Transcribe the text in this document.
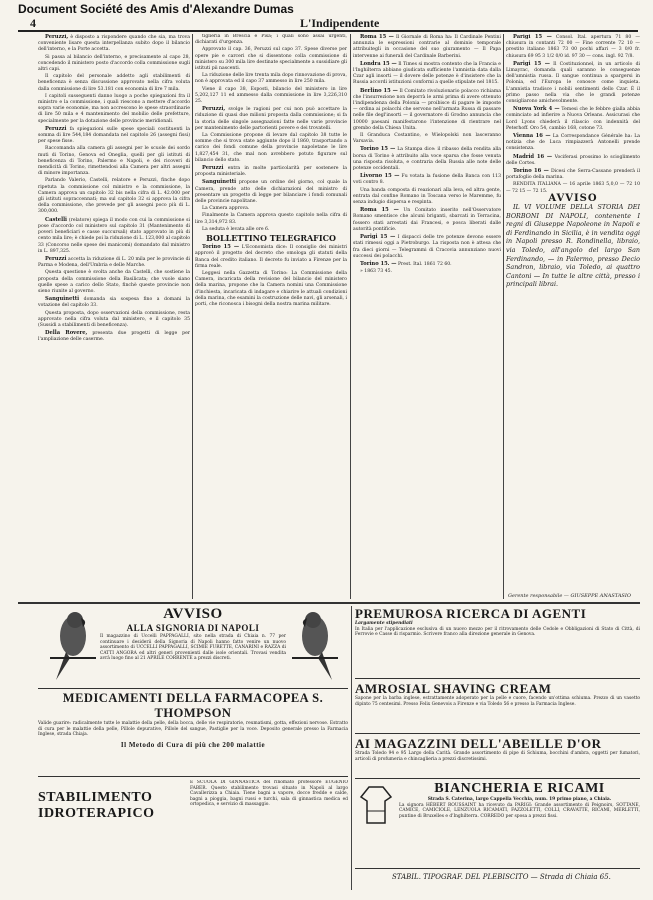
Document Société des Amis d'Alexandre Dumas
4	L'Indipendente

Peruzzi, è disposto a rispondere quando che sia, ma trova conveniente lisare questa interpellanza subito dopo il bilancio dell'interno, e la Porte accetta.

Si passa al bilancio dell'interno, e precisamente al capo 28, concedendo il ministero posto d'accordo colla commissione sugli altri capi.

Il capitolo del personale addetto agli stabilimenti di beneficenza è senza discussione approvato nella cifra voluta dalla commissione di lire 53.181 con economia di lire 7 mila.

I capitoli susseguenti danno luogo a poche spiegazioni fra il ministro e la commissione, i quali riescono a mettere d'accordo sopra varie economie, ma non accrescono le spese straordinarie di lire 50 mila e 4 mantenimento del mobilio delle prefetture, specialmente per la dotazione delle provincie meridionali.

Peruzzi fa spiegazioni sulle spese speciali costituenti la somma di lire 544,184 domandata nel capitolo 26 (assegni fissi) per spese fisse.

Raccomanda alla camera gli assegni per le scuole dei sordo muti di Torino, Genova ed Oneglia, quelli per gli istituti di beneficenza di Torino, Palermo e Napoli, e dei ricoveri di mendicità di Torino, rimettendosi alla Camera per altri assegni di minore importanza.

Parlando Valerio, Castelli, relatore e Peruzzi, finche dopo ripetuta la commissione col ministro e la commissione, la Camera approva un capitolo 32 bis nella cifra di L. 42.000 per gli istituti sopraccennati; ma sul capitolo 32 si approva la cifra della commissione, che prevede per gli assegni poco più di L. 300,000.

Castelli (relatore) spiega il modo con cui la commissione si pose d'accordo col ministero sul capitolo 31 (Mantenimento di poveri beneficiari e casse succursali) stato approvato in più di cento mila lire; è chiede poi la riduzione di L. 123,000 al capitolo 33 (Concorso nelle spese dei manicomi) domandato dal ministro in L. 897,325.

Peruzzi accetta la riduzione di L. 20 mila per le provincie di Parma e Modena, dell'Umbria e delle Marche.

Questa questione è svolta anche da Castelli, che sostiene la proposta della commissione della Basilicata; che vuole siano quelle spese a carico dello Stato, finchè queste provincie non sieno riunite al governo.

Sanguinetti domanda sia sospesa fino a domani la votazione del capitolo 33.

Questa proposta, dopo osservazioni della commissione, resta approvato nella cifra voluta dal ministero, e il capitolo 35 (Sussidi a stabilimenti di beneficenza).

Della Rovere, presenta due progetti di legge per l'ampliazione delle caserme.

tiglieria in Brescia e Pisa; i quali sono assai urgenti, dichiarati d'urgenza.

Approvato il cap. 36, Peruzzi sul capo 37. Spese diverse per opere pie e carceri che si dissentono colla commissione di ministero su 300 mila lire destinate specialmente a sussidiare gli istituti pii nascenti.

La riduzione delle lire trenta mila dopo rinnovazione di prova, non è approvata ed il capo 37 ammesso in lire 250 mila.

Viene il capo 38, Esposti, bilancio del ministero in lire 5,202,127 11 ed ammesso dalla commissione in lire 3,226,310 25.

Peruzzi, svolge le ragioni per cui non può accettare la riduzione di quasi due milioni proposta dalla commissione; si fa la storia delle singole assegnazioni fatte nelle varie provincie per mantenimento delle partorienti povere e dei trovatelli.

La Commissione propone di levare dal capitolo 38 tutte le somme che si trova state aggiunte dopo il 1860, trasportando a carico dei fondi comune della provincie napoletane le lire 1,827,454 31, che mal non avrebbero potuto figurare sul bilancio dello stato.

Peruzzi entra in molte particolarità per sostenere la proposta ministeriale.

Sanguinetti propone un ordine del giorno, col quale la Camera, prende atto delle dichiarazioni del ministro di presentare un progetto di legge per bilanciare i fondi comunali delle provincie napolitane.

La Camera approva.

Finalmente la Camera approva questo capitolo nella cifra di lire 3,314,972 83.

La seduta è levata alle ore 6.

BOLLETTINO TELEGRAFICO

Torino 15 — L'Economista dice: Il consiglio dei ministri approvò il progetto del decreto che omologa gli statuti della Banca del credito italiano. Il decreto fu inviato a Firenze per la firma reale.

Leggesi nella Gazzetta di Torino: La Commissione della Camera, incaricata della revisione del bilancio del ministero della marina, propone che la Camera nomini una Commissione d'inchiesta, incaricata di indagare e chiarire le attuali condizioni della marina, che esamini la costruzione delle navi, gli arsenali, i porti, che riconosca i bisogni della nostra marina militare.

Roma 15 — Il Giornale di Roma ha: Il Cardinale Pentini annunzia le espressioni contrarie al dominio temporale attribuitegli in occasione del suo giuramento — Il Papa intervenne ai funerali del Cardinale Barberini.

Londra 15 — Il Times si mostra contento che la Francia e l'Inghilterra abbiano giudicata sufficiente l'amnistia data dalla Czar agli insorti — il dovere delle potenze è d'insistere che la Russia accordi istituzioni conformi a quelle stipulate nel 1815.

Berlino 15 — Il Comitato rivoluzionario polacco richiama che l'insurrezione non deporrà le armi prima di avere ottenuto l'indipendenza della Polonia — proibisce di pagare le imposte — ordina ai polacchi che servono nell'armata Russa di passare nelle file degl'insorti — il governatore di Grodno annuncia che 10000 paesani manifestarono l'intenzione di rientrare nel grembo della Chiesa Unita.

Il Granduca Costantino, e Wielopolski non lasceranno Varsavia.

Torino 15 — La Stampa dice: il ribasso della rendita alla borsa di Torino è attribuito alla voce sparsa che fosse venuta una risposta risoluta, e contraria della Russia alle note delle potenze occidentali.

Livorno 15 — Fu votata la fusione della Banca con 113 voti contro 8.

Una banda composta di reazionari alla leva, ed altra gente, entrata dal confine Romano in Toscana verso le Maremme, fu senza indugio dispersa e respinta.

Roma 15 — Un Comitato inserito nell'Osservatore Romano smentisce che alcuni briganti, sbarcati in Terracina, fossero stati arrestati dai Francesi, e posca liberati dalle autorità pontificie.

Parigi 15 — I dispacci delle tre potenze devono essere stati rimessi oggi a Pietroburgo. La risposta non è attesa che fra dieci giorni — Telegrammi di Cracovia annunziano nuovi successi dei polacchi.

Torino 15. — Prest. Ital. 1861 72 60.

» 1863 73 45.

Parigi 15 — Consol. Ital. apertura 71 80 — chiusura in contanti 72 00 — Fine corrente 72 10 — prestito italiano 1863 73 00 pochi affari — 3 0/0 fr. chiusura 69 95 3 1/2 0/0 id. 97 30 — cons. ingl. 92 7/8.

Parigi 15 — Il Costituzionnel, in un articolo di Limayrac, domanda quali saranno le conseguenze dell'amnistia russa. Il sangue continua a spargersi in Polonia, ed l'Europa le conosce come inquieta. L'amnistia tradisce i nobili sentimenti dello Czar. È il primo passo nella via che le grandi potenze consigliarono amichevolmente.

Nuova York 4 — Temesi che le febbre gialla abbia cominciato ad infierire a Nuova Orleans. Assicurasi che Lord Lyons chiederà il rilascio con indennità del Peterhoff. Oro 54, cambio 168, cotone 73.

Vienna 16 — La Correspondance Générale ha: La notizia che de Luca rimpiazzerà Antonelli prende consistenza.

Madrid 16 — Vociferasi prossimo lo scioglimento delle Cortes.

Torino 16 — Dicesi che Serra-Cassano prenderà il portafoglio della marina.

RENDITA ITALIANA — 16 aprile 1863 5,0,0 — 72 10 — 72 15 — 72 15.

AVVISO

IL VI VOLUME DELLA STORIA DEI BORBONI DI NAPOLI, contenente I regni di Giuseppe Napoleone in Napoli e di Ferdinando in Sicilia, è in vendita oggi in Napoli presso R. Rondinella, libraio, via Toledo, all'angolo del largo San Ferdinando, — in Palermo, presso Decio Sandron, libraio, via Toledo, ai quattro Cantoni — In tutte le altre città, presso i principali librai.

Gerente responsabile — GIUSEPPE ANASTASIO
AVVISO
ALLA SIGNORIA DI NAPOLI
Il magazzino di Uccelli PAPPAGALLI, sito nella strada di Chiaia n. 77 per continuare i desiderii della Signoria di Napoli hanno fatto venire un nuovo assortimento di UCCELLI PAPPAGALLI, SCIMIE FURETTE, CANARINI e RAZZA di CATTI ANGORA ed altri generi provenienti dalle isole orientali. Trovasi vendita avrà luogo fino al 21 APRILE CORRENTE a prezzi discreti.
MEDICAMENTI DELLA FARMACOPEA S. THOMPSON
Valide guarire: radicalmente tutte le malattie della pelle, della bocca, delle vie respiratorie, reumatismi, gotta, effezioni nervose. Estratto di cura per le malattie della pelle, Pillole depurative, Pillole del sangue, Pastiglie per la voce. Deposito generale presso la Farmacia Inglese, strada Chiaja.
Il Metodo di Cura di più che 200 malattie
STABILIMENTO IDROTERAPICO
È SCUOLA DI GINNASTICA del rinomato professore EUGENIO FABER. Questo stabilimento trovasi situato in Napoli al largo Cavallerizza a Chiaia. Tiene bagni a vapore, docce fredde e calde, bagni a pioggia, bagni russi e turchi, sala di ginnastica medica ed ortopedica, e servizio di massaggio.
PREMUROSA RICERCA DI AGENTI
Largamente stipendiati
In Italia per l'applicazione esclusiva di un nuovo mezzo per il ritrovamento delle Cedole e Obbligazioni di Stato di Città, di Ferrovie e Casse di risparmio. Scrivere franco alla direzione generale in Genova.
AMROSIAL SHAVING CREAM
Sapone per la barba inglese, estrattamente adoperato per la pelle e cuore, facendo un'ottima schiuma. Prezzo di un vasetto dipinto 75 centesimi. Presso Felix Genevois a Firenze e via Toledo 56 e presso la Farmacia Inglese.
AI MAGAZZINI DELL'ABEILLE D'OR
Strada Toledo 94 e 95 Largo della Carità. Grande assortimento di pipe di Schiuma, bocchini d'ambra, oggetti per fumatori, articoli di profumeria e chincaglieria a prezzi discretissimi.
BIANCHERIA E RICAMI
Strada S. Caterina, largo Cappella Vecchia, num. 19 primo piano, a Chiaia.
La signora HÉBERT ROUSSAINT ha ricevuto da PARIGI: Grande assortimento di Peignoirs, SOTTANE, CAMICE, CAMICIOLE, LENZUOLA RICAMATI, FAZZOLETTI, COLLI, CRAVATTE, RICAMI, MERLETTI, puntine di Bruxelles e d'Inghilterra. CORREDO per sposa a prezzi fissi.
STABIL. TIPOGRAF. DEL PLEBISCITO — Strada di Chiaia 65.
